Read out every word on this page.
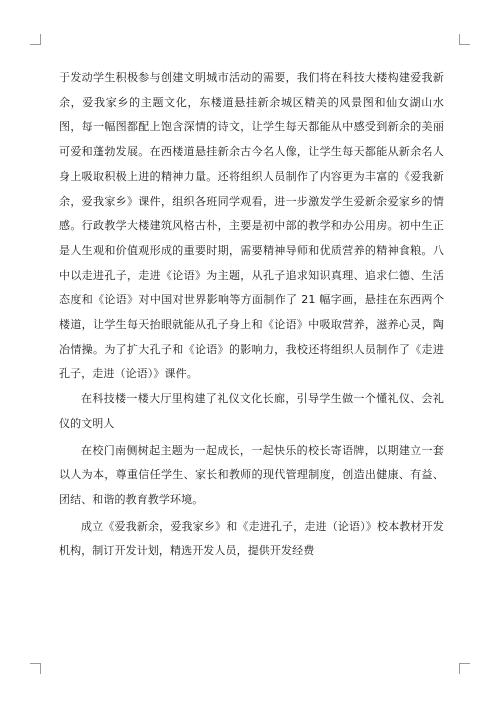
于发动学生积极参与创建文明城市活动的需要，我们将在科技大楼构建爱我新余，爱我家乡的主题文化，东楼道悬挂新余城区精美的风景图和仙女湖山水图，每一幅图都配上饱含深情的诗文，让学生每天都能从中感受到新余的美丽可爱和蓬勃发展。在西楼道悬挂新余古今名人像，让学生每天都能从新余名人身上吸取积极上进的精神力量。还将组织人员制作了内容更为丰富的《爱我新余，爱我家乡》课件，组织各班同学观看，进一步激发学生爱新余爱家乡的情感。行政教学大楼建筑风格古朴，主要是初中部的教学和办公用房。初中生正是人生观和价值观形成的重要时期，需要精神导师和优质营养的精神食粮。八中以走进孔子，走进《论语》为主题，从孔子追求知识真理、追求仁德、生活态度和《论语》对中国对世界影响等方面制作了 21 幅字画，悬挂在东西两个楼道，让学生每天抬眼就能从孔子身上和《论语》中吸取营养，滋养心灵，陶冶情操。为了扩大孔子和《论语》的影响力，我校还将组织人员制作了《走进孔子，走进（论语）》课件。

在科技楼一楼大厅里构建了礼仪文化长廊，引导学生做一个懂礼仪、会礼仪的文明人

在校门南侧树起主题为一起成长，一起快乐的校长寄语牌，以期建立一套以人为本，尊重信任学生、家长和教师的现代管理制度，创造出健康、有益、团结、和谐的教育教学环境。

成立《爱我新余，爱我家乡》和《走进孔子，走进（论语）》校本教材开发机构，制订开发计划，精选开发人员，提供开发经费
